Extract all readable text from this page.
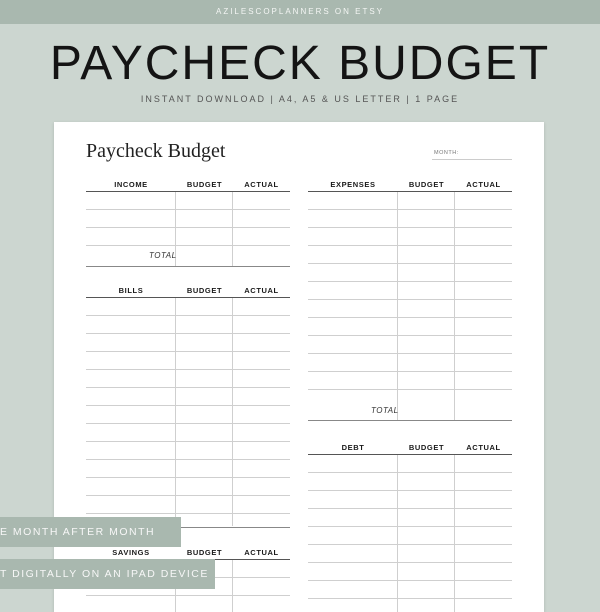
AZILESCOPLANNERS ON ETSY
PAYCHECK BUDGET
INSTANT DOWNLOAD | A4, A5 & US LETTER | 1 PAGE
Paycheck Budget	MONTH:
INCOME	BUDGET	ACTUAL
TOTAL
BILLS	BUDGET	ACTUAL
SAVINGS	BUDGET	ACTUAL
EXPENSES	BUDGET	ACTUAL
TOTAL
DEBT	BUDGET	ACTUAL
E MONTH AFTER MONTH
T DIGITALLY ON AN IPAD DEVICE
